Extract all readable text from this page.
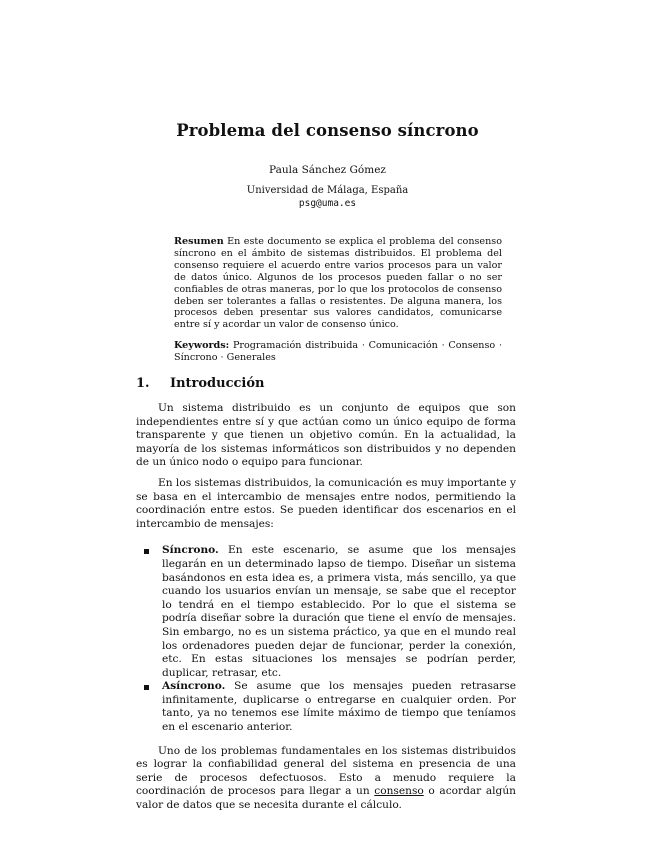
Problema del consenso síncrono
Paula Sánchez Gómez
Universidad de Málaga, España
psg@uma.es
Resumen En este documento se explica el problema del consenso síncrono en el ámbito de sistemas distribuidos. El problema del consenso requiere el acuerdo entre varios procesos para un valor de datos único. Algunos de los procesos pueden fallar o no ser confiables de otras maneras, por lo que los protocolos de consenso deben ser tolerantes a fallas o resistentes. De alguna manera, los procesos deben presentar sus valores candidatos, comunicarse entre sí y acordar un valor de consenso único.
Keywords: Programación distribuida · Comunicación · Consenso · Síncrono · Generales
1. Introducción

Un sistema distribuido es un conjunto de equipos que son independientes entre sí y que actúan como un único equipo de forma transparente y que tienen un objetivo común. En la actualidad, la mayoría de los sistemas informáticos son distribuidos y no dependen de un único nodo o equipo para funcionar.

En los sistemas distribuidos, la comunicación es muy importante y se basa en el intercambio de mensajes entre nodos, permitiendo la coordinación entre estos. Se pueden identificar dos escenarios en el intercambio de mensajes:

Síncrono. En este escenario, se asume que los mensajes llegarán en un determinado lapso de tiempo. Diseñar un sistema basándonos en esta idea es, a primera vista, más sencillo, ya que cuando los usuarios envían un mensaje, se sabe que el receptor lo tendrá en el tiempo establecido. Por lo que el sistema se podría diseñar sobre la duración que tiene el envío de mensajes. Sin embargo, no es un sistema práctico, ya que en el mundo real los ordenadores pueden dejar de funcionar, perder la conexión, etc. En estas situaciones los mensajes se podrían perder, duplicar, retrasar, etc.
Asíncrono. Se asume que los mensajes pueden retrasarse infinitamente, duplicarse o entregarse en cualquier orden. Por tanto, ya no tenemos ese límite máximo de tiempo que teníamos en el escenario anterior.

Uno de los problemas fundamentales en los sistemas distribuidos es lograr la confiabilidad general del sistema en presencia de una serie de procesos defectuosos. Esto a menudo requiere la coordinación de procesos para llegar a un consenso o acordar algún valor de datos que se necesita durante el cálculo.
